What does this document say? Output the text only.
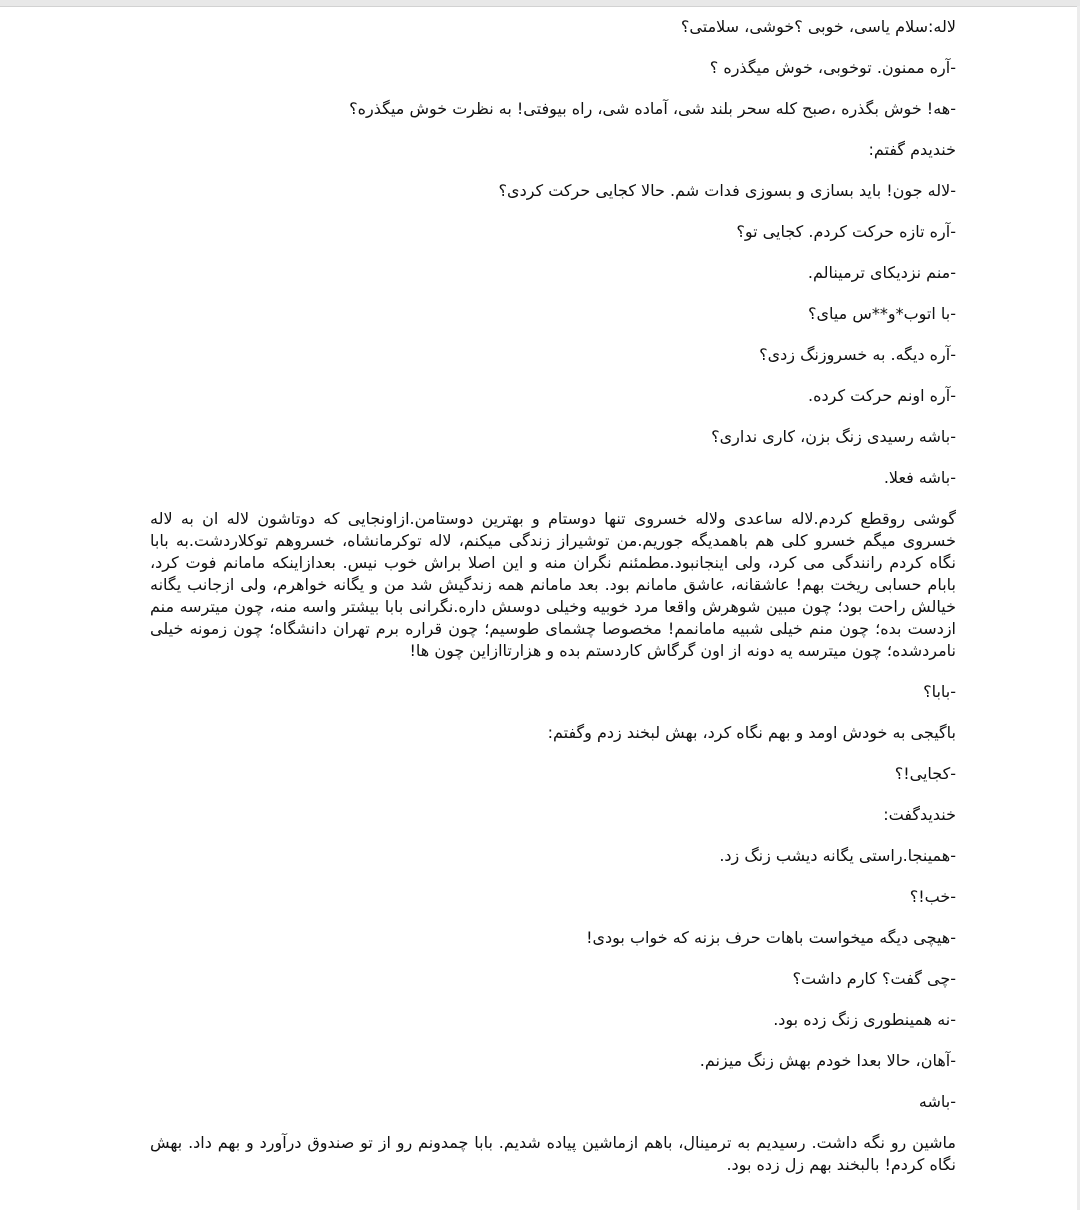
لاله:سلام یاسی، خوبی ؟خوشی، سلامتی؟

-آره ممنون. توخوبی، خوش میگذره ؟

-هه! خوش بگذره ،صبح کله سحر بلند شی، آماده شی، راه بیوفتی! به نظرت خوش میگذره؟

خندیدم گفتم:

-لاله جون! باید بسازی و بسوزی فدات شم. حالا کجایی حرکت کردی؟

-آره تازه حرکت کردم. کجایی تو؟

-منم نزدیکای ترمینالم.

-با اتوب*و**س میای؟

-آره دیگه. به خسروزنگ زدی؟

-آره اونم حرکت کرده.

-باشه رسیدی زنگ بزن، کاری نداری؟

-باشه فعلا.

گوشی روقطع کردم.لاله ساعدی ولاله خسروی تنها دوستام و بهترین دوستامن.ازاونجایی که دوتاشون لاله ان به لاله خسروی میگم خسرو کلی هم باهمدیگه جوریم.من توشیراز زندگی میکنم، لاله توکرمانشاه، خسروهم توکلاردشت.به بابا نگاه کردم رانندگی می کرد، ولی اینجانبود.مطمئنم نگران منه و این اصلا براش خوب نیس. بعدازاینکه مامانم فوت کرد، بابام حسابی ریخت بهم! عاشقانه، عاشق مامانم بود. بعد مامانم همه زندگیش شد من و یگانه خواهرم، ولی ازجانب یگانه خیالش راحت بود؛ چون مبین شوهرش واقعا مرد خوبیه وخیلی دوسش داره.نگرانی بابا بیشتر واسه منه، چون میترسه منم ازدست بده؛ چون منم خیلی شبیه مامانمم! مخصوصا چشمای طوسیم؛ چون قراره برم تهران دانشگاه؛ چون زمونه خیلی نامردشده؛ چون میترسه یه دونه از اون گرگاش کاردستم بده و هزارتاازاین چون ها!

-بابا؟

باگیجی به خودش اومد و بهم نگاه کرد، بهش لبخند زدم وگفتم:

-کجایی!؟

خندیدگفت:

-همینجا.راستی یگانه دیشب زنگ زد.

-خب!؟

-هیچی دیگه میخواست باهات حرف بزنه که خواب بودی!

-چی گفت؟ کارم داشت؟

-نه همینطوری زنگ زده بود.

-آهان، حالا بعدا خودم بهش زنگ میزنم.

-باشه

ماشین رو نگه داشت. رسیدیم به ترمینال، باهم ازماشین پیاده شدیم. بابا چمدونم رو از تو صندوق درآورد و بهم داد. بهش نگاه کردم! بالبخند بهم زل زده بود.
